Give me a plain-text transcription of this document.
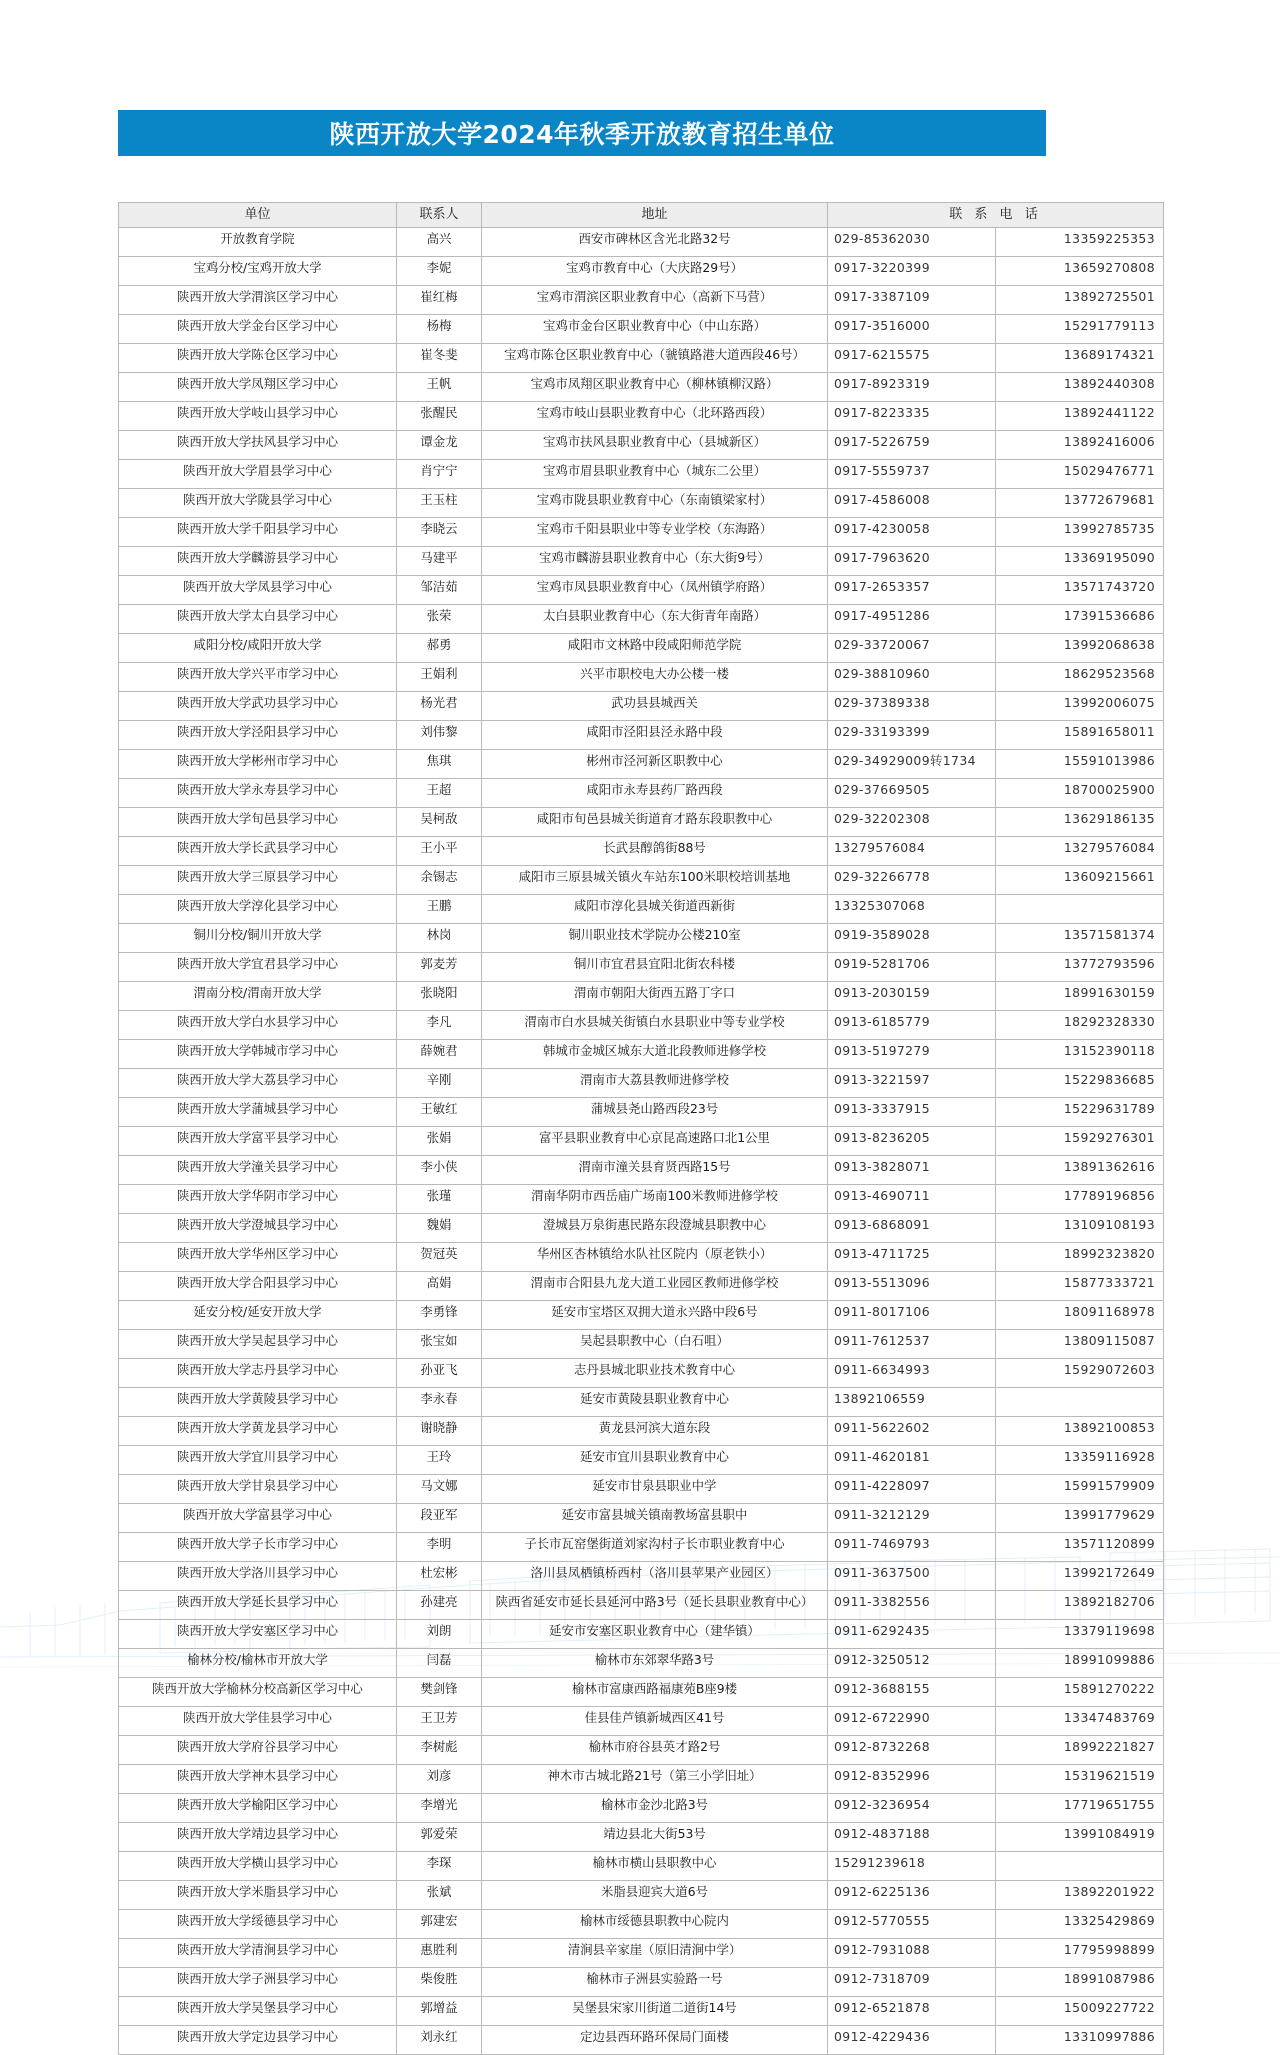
陕西开放大学2024年秋季开放教育招生单位
单位	联系人	地址	联 系 电 话	
开放教育学院	高兴	西安市碑林区含光北路32号	029-85362030	13359225353
宝鸡分校/宝鸡开放大学	李妮	宝鸡市教育中心（大庆路29号）	0917-3220399	13659270808
陕西开放大学渭滨区学习中心	崔红梅	宝鸡市渭滨区职业教育中心（高新下马营）	0917-3387109	13892725501
陕西开放大学金台区学习中心	杨梅	宝鸡市金台区职业教育中心（中山东路）	0917-3516000	15291779113
陕西开放大学陈仓区学习中心	崔冬斐	宝鸡市陈仓区职业教育中心（虢镇路港大道西段46号）	0917-6215575	13689174321
陕西开放大学凤翔区学习中心	王帆	宝鸡市凤翔区职业教育中心（柳林镇柳汉路）	0917-8923319	13892440308
陕西开放大学岐山县学习中心	张醒民	宝鸡市岐山县职业教育中心（北环路西段）	0917-8223335	13892441122
陕西开放大学扶风县学习中心	谭金龙	宝鸡市扶风县职业教育中心（县城新区）	0917-5226759	13892416006
陕西开放大学眉县学习中心	肖宁宁	宝鸡市眉县职业教育中心（城东二公里）	0917-5559737	15029476771
陕西开放大学陇县学习中心	王玉柱	宝鸡市陇县职业教育中心（东南镇梁家村）	0917-4586008	13772679681
陕西开放大学千阳县学习中心	李晓云	宝鸡市千阳县职业中等专业学校（东海路）	0917-4230058	13992785735
陕西开放大学麟游县学习中心	马建平	宝鸡市麟游县职业教育中心（东大街9号）	0917-7963620	13369195090
陕西开放大学凤县学习中心	邹洁茹	宝鸡市凤县职业教育中心（凤州镇学府路）	0917-2653357	13571743720
陕西开放大学太白县学习中心	张荣	太白县职业教育中心（东大街青年南路）	0917-4951286	17391536686
咸阳分校/咸阳开放大学	郝勇	咸阳市文林路中段咸阳师范学院	029-33720067	13992068638
陕西开放大学兴平市学习中心	王娟利	兴平市职校电大办公楼一楼	029-38810960	18629523568
陕西开放大学武功县学习中心	杨光君	武功县县城西关	029-37389338	13992006075
陕西开放大学泾阳县学习中心	刘伟黎	咸阳市泾阳县泾永路中段	029-33193399	15891658011
陕西开放大学彬州市学习中心	焦琪	彬州市泾河新区职教中心	029-34929009转1734	15591013986
陕西开放大学永寿县学习中心	王超	咸阳市永寿县药厂路西段	029-37669505	18700025900
陕西开放大学旬邑县学习中心	吴柯敌	咸阳市旬邑县城关街道育才路东段职教中心	029-32202308	13629186135
陕西开放大学长武县学习中心	王小平	长武县醇鸽街88号	13279576084	13279576084
陕西开放大学三原县学习中心	余锡志	咸阳市三原县城关镇火车站东100米职校培训基地	029-32266778	13609215661
陕西开放大学淳化县学习中心	王鹏	咸阳市淳化县城关街道西新街	13325307068	
铜川分校/铜川开放大学	林岗	铜川职业技术学院办公楼210室	0919-3589028	13571581374
陕西开放大学宜君县学习中心	郭麦芳	铜川市宜君县宜阳北街农科楼	0919-5281706	13772793596
渭南分校/渭南开放大学	张晓阳	渭南市朝阳大街西五路丁字口	0913-2030159	18991630159
陕西开放大学白水县学习中心	李凡	渭南市白水县城关街镇白水县职业中等专业学校	0913-6185779	18292328330
陕西开放大学韩城市学习中心	薛婉君	韩城市金城区城东大道北段教师进修学校	0913-5197279	13152390118
陕西开放大学大荔县学习中心	辛刚	渭南市大荔县教师进修学校	0913-3221597	15229836685
陕西开放大学蒲城县学习中心	王敏红	蒲城县尧山路西段23号	0913-3337915	15229631789
陕西开放大学富平县学习中心	张娟	富平县职业教育中心京昆高速路口北1公里	0913-8236205	15929276301
陕西开放大学潼关县学习中心	李小侠	渭南市潼关县育贤西路15号	0913-3828071	13891362616
陕西开放大学华阴市学习中心	张瑾	渭南华阴市西岳庙广场南100米教师进修学校	0913-4690711	17789196856
陕西开放大学澄城县学习中心	魏娟	澄城县万泉街惠民路东段澄城县职教中心	0913-6868091	13109108193
陕西开放大学华州区学习中心	贺冠英	华州区杏林镇给水队社区院内（原老铁小）	0913-4711725	18992323820
陕西开放大学合阳县学习中心	高娟	渭南市合阳县九龙大道工业园区教师进修学校	0913-5513096	15877333721
延安分校/延安开放大学	李勇锋	延安市宝塔区双拥大道永兴路中段6号	0911-8017106	18091168978
陕西开放大学吴起县学习中心	张宝如	吴起县职教中心（白石咀）	0911-7612537	13809115087
陕西开放大学志丹县学习中心	孙亚飞	志丹县城北职业技术教育中心	0911-6634993	15929072603
陕西开放大学黄陵县学习中心	李永春	延安市黄陵县职业教育中心	13892106559	
陕西开放大学黄龙县学习中心	谢晓静	黄龙县河滨大道东段	0911-5622602	13892100853
陕西开放大学宜川县学习中心	王玲	延安市宜川县职业教育中心	0911-4620181	13359116928
陕西开放大学甘泉县学习中心	马文娜	延安市甘泉县职业中学	0911-4228097	15991579909
陕西开放大学富县学习中心	段亚军	延安市富县城关镇南教场富县职中	0911-3212129	13991779629
陕西开放大学子长市学习中心	李明	子长市瓦窑堡街道刘家沟村子长市职业教育中心	0911-7469793	13571120899
陕西开放大学洛川县学习中心	杜宏彬	洛川县凤栖镇桥西村（洛川县苹果产业园区）	0911-3637500	13992172649
陕西开放大学延长县学习中心	孙建亮	陕西省延安市延长县延河中路3号（延长县职业教育中心）	0911-3382556	13892182706
陕西开放大学安塞区学习中心	刘朗	延安市安塞区职业教育中心（建华镇）	0911-6292435	13379119698
榆林分校/榆林市开放大学	闫磊	榆林市东郊翠华路3号	0912-3250512	18991099886
陕西开放大学榆林分校高新区学习中心	樊剑锋	榆林市富康西路福康苑B座9楼	0912-3688155	15891270222
陕西开放大学佳县学习中心	王卫芳	佳县佳芦镇新城西区41号	0912-6722990	13347483769
陕西开放大学府谷县学习中心	李树彪	榆林市府谷县英才路2号	0912-8732268	18992221827
陕西开放大学神木县学习中心	刘彦	神木市古城北路21号（第三小学旧址）	0912-8352996	15319621519
陕西开放大学榆阳区学习中心	李增光	榆林市金沙北路3号	0912-3236954	17719651755
陕西开放大学靖边县学习中心	郭爱荣	靖边县北大街53号	0912-4837188	13991084919
陕西开放大学横山县学习中心	李琛	榆林市横山县职教中心	15291239618	
陕西开放大学米脂县学习中心	张斌	米脂县迎宾大道6号	0912-6225136	13892201922
陕西开放大学绥德县学习中心	郭建宏	榆林市绥德县职教中心院内	0912-5770555	13325429869
陕西开放大学清涧县学习中心	惠胜利	清涧县辛家崖（原旧清涧中学）	0912-7931088	17795998899
陕西开放大学子洲县学习中心	柴俊胜	榆林市子洲县实验路一号	0912-7318709	18991087986
陕西开放大学吴堡县学习中心	郭增益	吴堡县宋家川街道二道街14号	0912-6521878	15009227722
陕西开放大学定边县学习中心	刘永红	定边县西环路环保局门面楼	0912-4229436	13310997886
